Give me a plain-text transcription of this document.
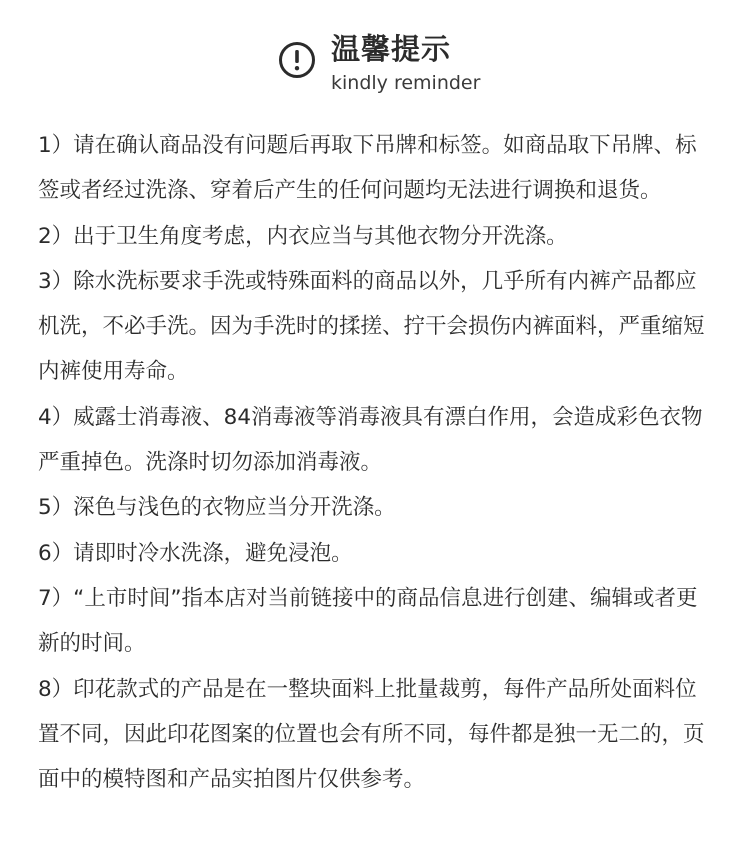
温馨提示
kindly reminder

1）请在确认商品没有问题后再取下吊牌和标签。如商品取下吊牌、标签或者经过洗涤、穿着后产生的任何问题均无法进行调换和退货。

2）出于卫生角度考虑，内衣应当与其他衣物分开洗涤。

3）除水洗标要求手洗或特殊面料的商品以外，几乎所有内裤产品都应机洗，不必手洗。因为手洗时的揉搓、拧干会损伤内裤面料，严重缩短内裤使用寿命。

4）威露士消毒液、84消毒液等消毒液具有漂白作用，会造成彩色衣物严重掉色。洗涤时切勿添加消毒液。

5）深色与浅色的衣物应当分开洗涤。

6）请即时冷水洗涤，避免浸泡。

7）“上市时间”指本店对当前链接中的商品信息进行创建、编辑或者更新的时间。

8）印花款式的产品是在一整块面料上批量裁剪，每件产品所处面料位置不同，因此印花图案的位置也会有所不同，每件都是独一无二的，页面中的模特图和产品实拍图片仅供参考。
